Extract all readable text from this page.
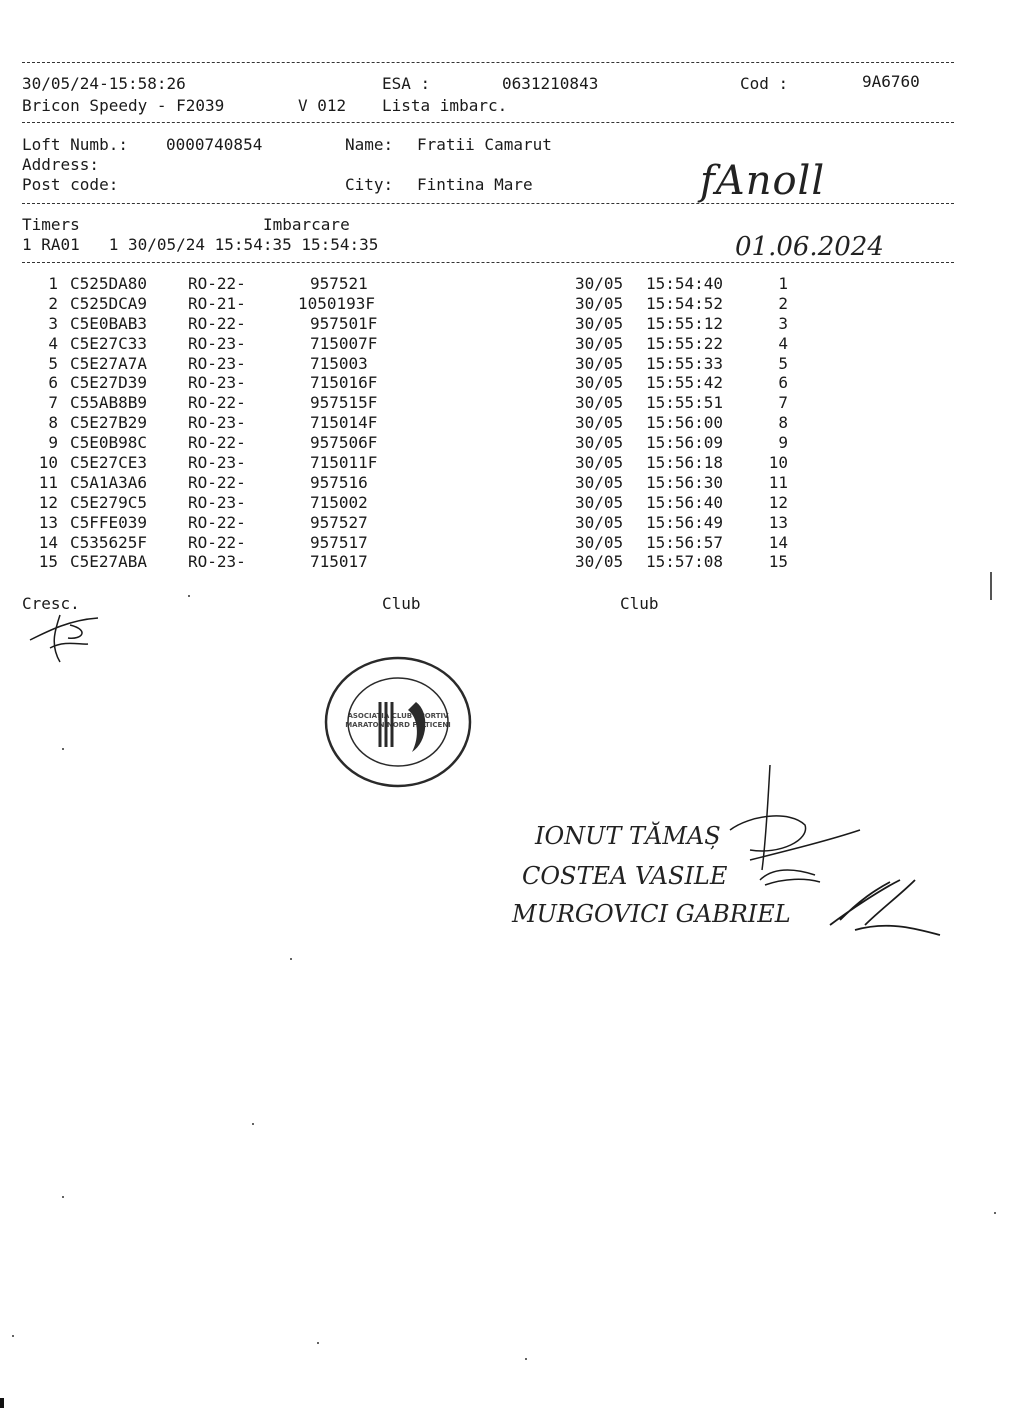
30/05/24-15:58:26	ESA :	0631210843	Cod :	9A6760
Bricon Speedy - F2039	V 012 Lista imbarc.
Loft Numb.: 0000740854	Name: Fratii Camarut
Address:
Post code:	City: Fintina Mare	fAnoll
Timers	Imbarcare
1 RA01   1 30/05/24 15:54:35 15:54:35	01.06.2024
1 C525DA80	RO-22-	957521	30/05 15:54:40	1
2 C525DCA9	RO-21-	1050193F	30/05 15:54:52	2
3 C5E0BAB3	RO-22-	957501F	30/05 15:55:12	3
4 C5E27C33	RO-23-	715007F	30/05 15:55:22	4
5 C5E27A7A	RO-23-	715003	30/05 15:55:33	5
6 C5E27D39	RO-23-	715016F	30/05 15:55:42	6
7 C55AB8B9	RO-22-	957515F	30/05 15:55:51	7
8 C5E27B29	RO-23-	715014F	30/05 15:56:00	8
9 C5E0B98C	RO-22-	957506F	30/05 15:56:09	9
10 C5E27CE3	RO-23-	715011F	30/05 15:56:18	10
11 C5A1A3A6	RO-22-	957516	30/05 15:56:30	11
12 C5E279C5	RO-23-	715002	30/05 15:56:40	12
13 C5FFE039	RO-22-	957527	30/05 15:56:49	13
14 C535625F	RO-22-	957517	30/05 15:56:57	14
15 C5E27ABA	RO-23-	715017	30/05 15:57:08	15
Cresc.	Club	Club
ASOCIAȚIA CLUB SPORTIV MARATON NORD FĂLTICENI
IONUT TĂMAȘ
COSTEA VASILE
MURGOVICI GABRIEL
